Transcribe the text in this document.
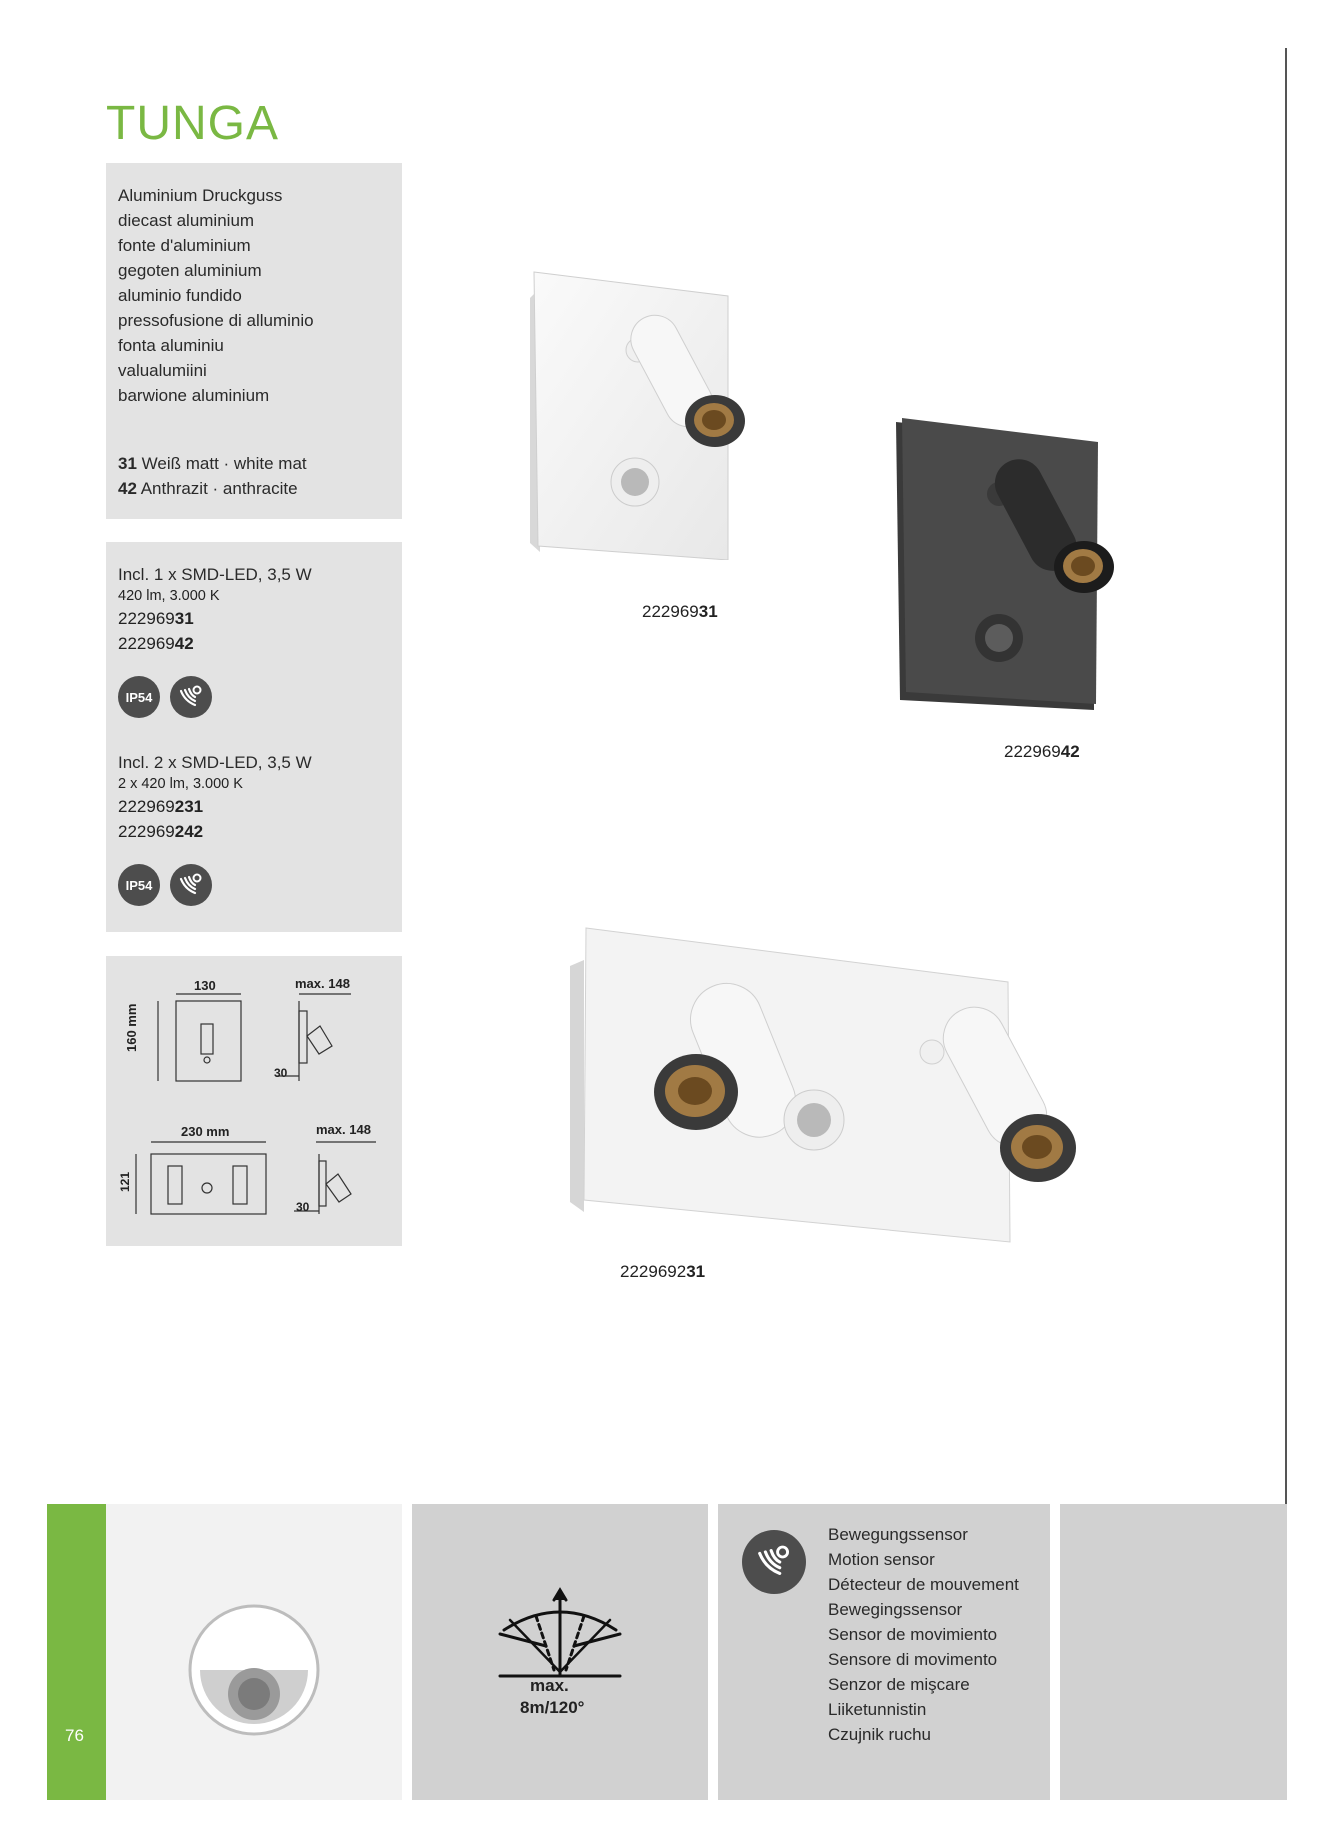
TUNGA
Aluminium Druckguss
diecast aluminium
fonte d'aluminium
gegoten aluminium
aluminio fundido
pressofusione di alluminio
fonta aluminiu
valualumiini
barwione aluminium
31 Weiß matt · white mat
42 Anthrazit · anthracite
Incl. 1 x SMD-LED, 3,5 W
420 lm, 3.000 K
22296931
22296942
IP54
Incl. 2 x SMD-LED, 3,5 W
2 x 420 lm, 3.000 K
222969231
222969242
IP54
130	max. 148
160 mm
30
230 mm	max. 148
121
30
22296931
22296942
222969231
76
max.
8m/120°
Bewegungssensor
Motion sensor
Détecteur de mouvement
Bewegingssensor
Sensor de movimiento
Sensore di movimento
Senzor de mişcare
Liiketunnistin
Czujnik ruchu
